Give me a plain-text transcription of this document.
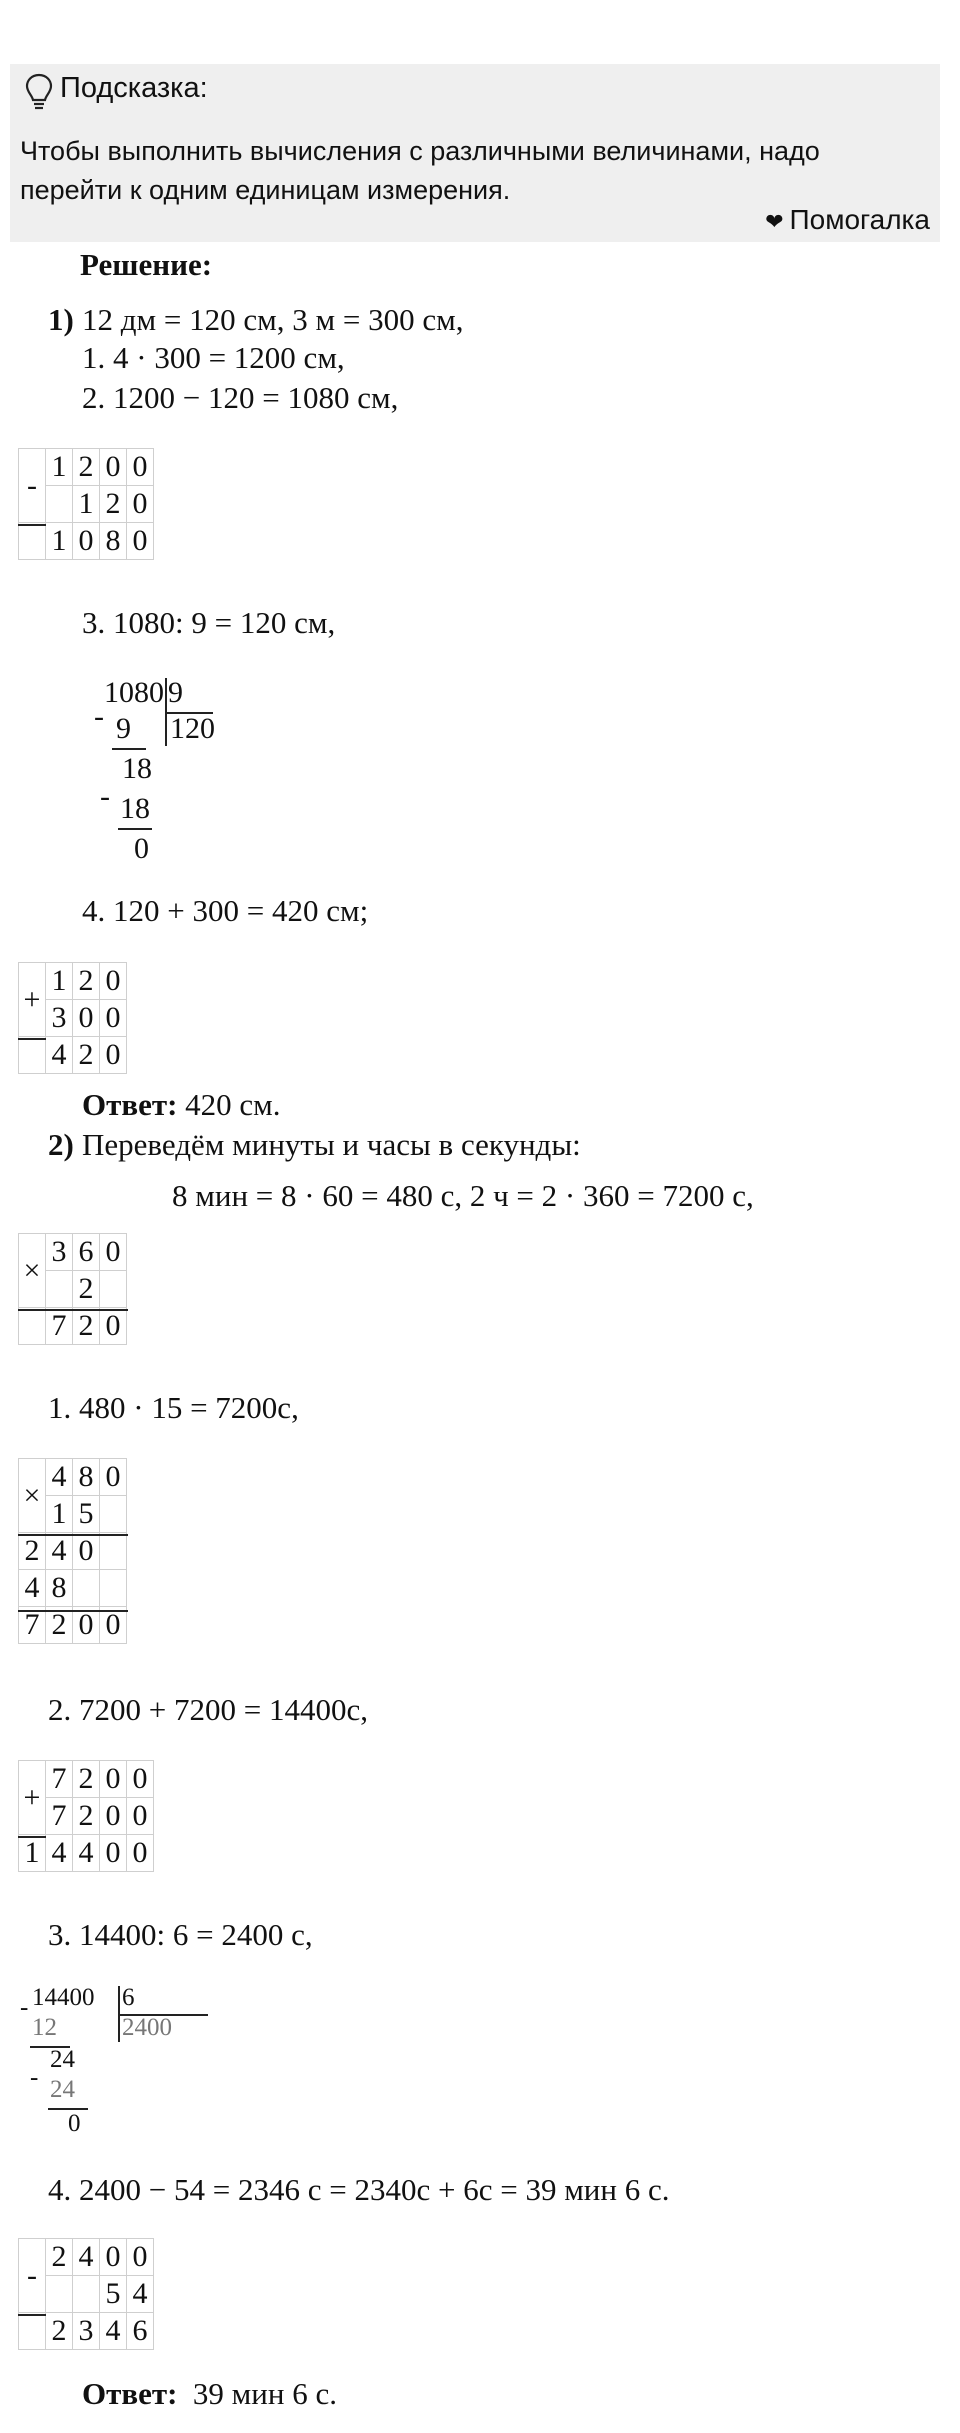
Подсказка:
Чтобы выполнить вычисления с различными величинами, надо перейти к одним единицам измерения.
❤ Помогалка
Решение:
1) 12 дм = 120 см, 3 м = 300 см,
1. 4 · 300 = 1200 см,
2. 1200 − 120 = 1080 см,
-	1	2	0	0
		1	2	0
	1	0	8	0
3. 1080: 9 = 120 см,
1080 9
120
- 9
18
- 18
0
4. 120 + 300 = 420 см;
+	1	2	0
	3	0	0
	4	2	0
Ответ: 420 см.
2) Переведём минуты и часы в секунды:
8 мин = 8 · 60 = 480 с, 2 ч = 2 · 360 = 7200 с,
×	3	6	0
		2	
	7	2	0
1. 480 · 15 = 7200с,
×	4	8	0
	1	5	
2	4	0	
4	8		
7	2	0	0
2. 7200 + 7200 = 14400с,
+	7	2	0	0
	7	2	0	0
1	4	4	0	0
3. 14400: 6 = 2400 с,
14400 6
2400
-
12
24
- 24
0
4. 2400 − 54 = 2346 с = 2340с + 6с = 39 мин 6 с.
-	2	4	0	0
			5	4
	2	3	4	6
Ответ: 39 мин 6 с.
